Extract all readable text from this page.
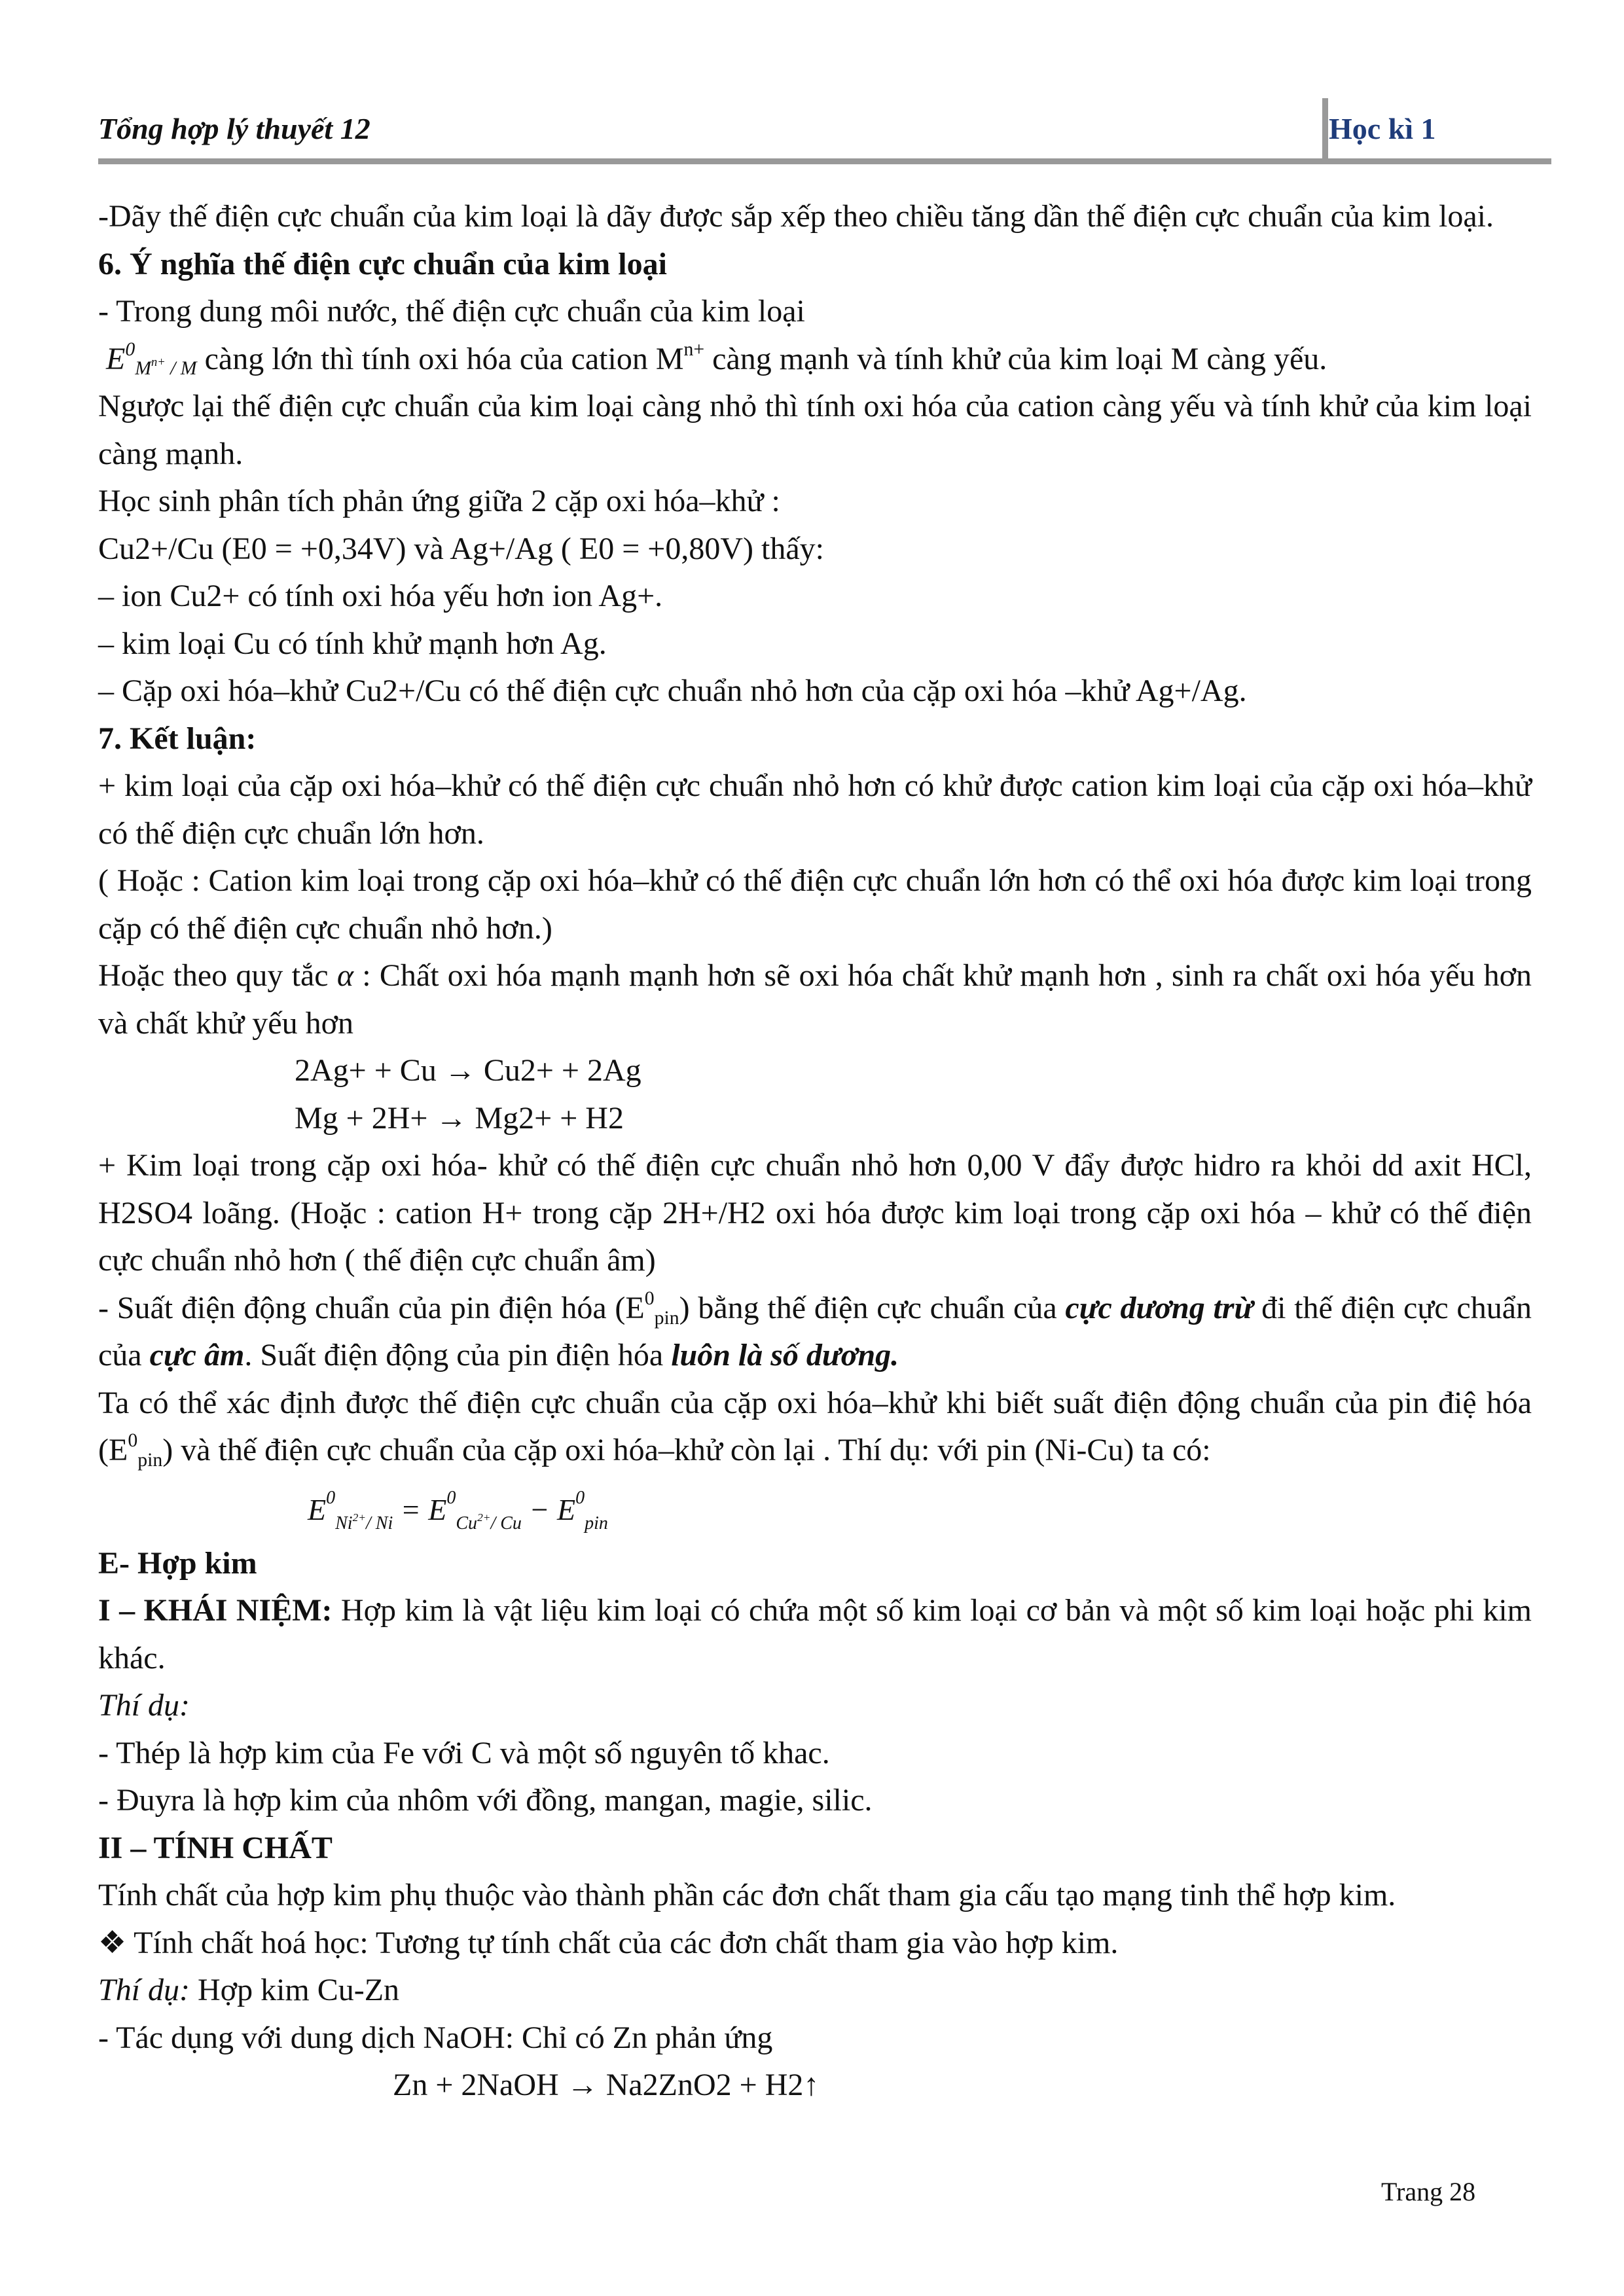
Tổng hợp lý thuyết 12	Học kì 1

-Dãy thế điện cực chuẩn của kim loại là dãy được sắp xếp theo chiều tăng dần thế điện cực chuẩn của kim loại.

6. Ý nghĩa thế điện cực chuẩn của kim loại

- Trong dung môi nước, thế điện cực chuẩn của kim loại

$E^0_{M^{n+} / M}$ càng lớn thì tính oxi hóa của cation $M^{n+}$ càng mạnh và tính khử của kim loại M càng yếu.

Ngược lại thế điện cực chuẩn của kim loại càng nhỏ thì tính oxi hóa của cation càng yếu và tính khử của kim loại càng mạnh.

Học sinh phân tích phản ứng giữa 2 cặp oxi hóa–khử :

Cu2+/Cu (E0 = +0,34V) và Ag+/Ag ( E0 = +0,80V) thấy:

– ion Cu2+ có tính oxi hóa yếu hơn ion Ag+.

– kim loại Cu có tính khử mạnh hơn Ag.

– Cặp oxi hóa–khử Cu2+/Cu có thế điện cực chuẩn nhỏ hơn của cặp oxi hóa –khử Ag+/Ag.

7. Kết luận:

+ kim loại của cặp oxi hóa–khử có thế điện cực chuẩn nhỏ hơn có khử được cation kim loại của cặp oxi hóa–khử có thế điện cực chuẩn lớn hơn.

( Hoặc : Cation kim loại trong cặp oxi hóa–khử có thế điện cực chuẩn lớn hơn có thể oxi hóa được kim loại trong cặp có thế điện cực chuẩn nhỏ hơn.)

Hoặc theo quy tắc α : Chất oxi hóa mạnh mạnh hơn sẽ oxi hóa chất khử mạnh hơn , sinh ra chất oxi hóa yếu hơn và chất khử yếu hơn

2Ag+ + Cu → Cu2+ + 2Ag

Mg + 2H+ → Mg2+ + H2

+ Kim loại trong cặp oxi hóa- khử có thế điện cực chuẩn nhỏ hơn 0,00 V đẩy được hidro ra khỏi dd axit HCl, H2SO4 loãng. (Hoặc : cation H+ trong cặp 2H+/H2 oxi hóa được kim loại trong cặp oxi hóa – khử có thế điện cực chuẩn nhỏ hơn ( thế điện cực chuẩn âm)

- Suất điện động chuẩn của pin điện hóa $(E^0_{pin})$ bằng thế điện cực chuẩn của cực dương trừ đi thế điện cực chuẩn của cực âm. Suất điện động của pin điện hóa luôn là số dương.

Ta có thể xác định được thế điện cực chuẩn của cặp oxi hóa–khử khi biết suất điện động chuẩn của pin điệ hóa $(E^0_{pin})$ và thế điện cực chuẩn của cặp oxi hóa–khử còn lại . Thí dụ: với pin (Ni-Cu) ta có:

$E^0_{Ni^{2+}/ Ni} = E^0_{Cu^{2+}/ Cu} - E^0_{pin}$

E- Hợp kim

I – KHÁI NIỆM: Hợp kim là vật liệu kim loại có chứa một số kim loại cơ bản và một số kim loại hoặc phi kim khác.

Thí dụ:

- Thép là hợp kim của Fe với C và một số nguyên tố khac.

- Đuyra là hợp kim của nhôm với đồng, mangan, magie, silic.

II – TÍNH CHẤT

Tính chất của hợp kim phụ thuộc vào thành phần các đơn chất tham gia cấu tạo mạng tinh thể hợp kim.

❖ Tính chất hoá học: Tương tự tính chất của các đơn chất tham gia vào hợp kim.

Thí dụ: Hợp kim Cu-Zn

- Tác dụng với dung dịch NaOH: Chỉ có Zn phản ứng

Zn + 2NaOH → Na2ZnO2 + H2↑

Trang 28
